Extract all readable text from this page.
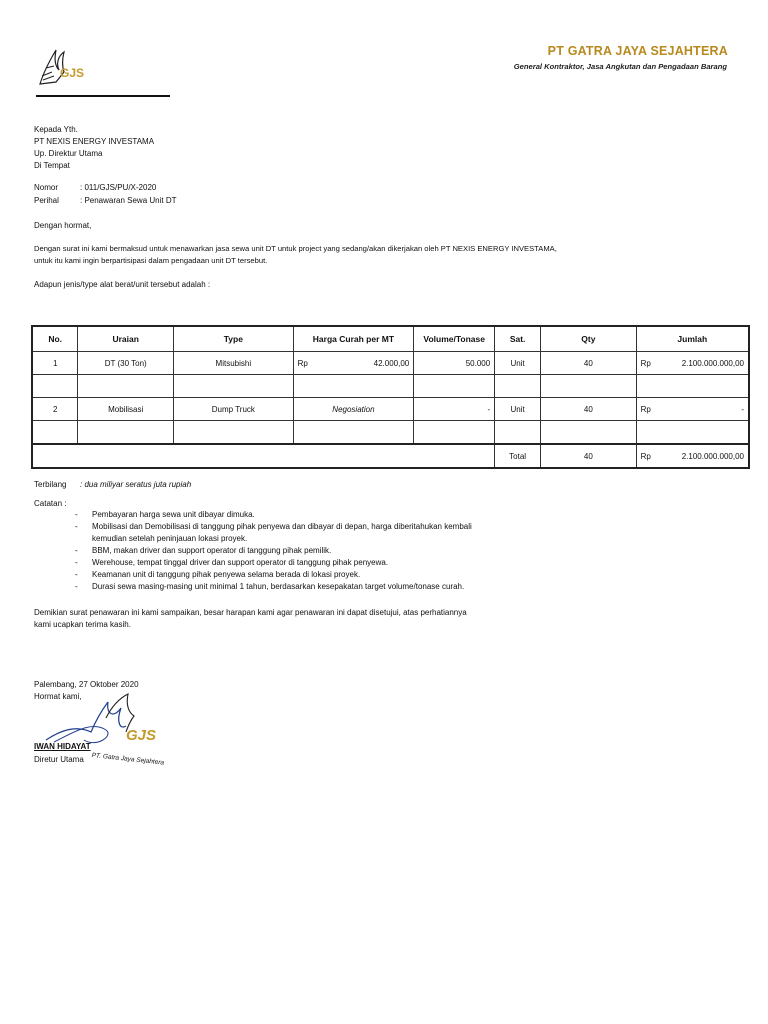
GJS
PT GATRA JAYA SEJAHTERA
General Kontraktor, Jasa Angkutan dan Pengadaan Barang
Kepada Yth.
PT NEXIS ENERGY INVESTAMA
Up. Direktur Utama
Di Tempat
Nomor	: 011/GJS/PU/X-2020
Perihal	: Penawaran Sewa Unit DT
Dengan hormat,
Dengan surat ini kami bermaksud untuk menawarkan jasa sewa unit DT untuk project yang sedang/akan dikerjakan oleh PT NEXIS ENERGY INVESTAMA,
untuk itu kami ingin berpartisipasi dalam pengadaan unit DT tersebut.
Adapun jenis/type alat berat/unit tersebut adalah :
No.	Uraian	Type	Harga Curah per MT	Volume/Tonase	Sat.	Qty	Jumlah
1	DT (30 Ton)	Mitsubishi	Rp 42.000,00	50.000	Unit	40	Rp 2.100.000.000,00

2	Mobilisasi	Dump Truck	Negosiation	-	Unit	40	Rp -

					Total	40	Rp 2.100.000.000,00
Terbilang : dua miliyar seratus juta rupiah
Catatan :
- Pembayaran harga sewa unit dibayar dimuka.
- Mobilisasi dan Demobilisasi di tanggung pihak penyewa dan dibayar di depan, harga diberitahukan kembali
kemudian setelah peninjauan lokasi proyek.
- BBM, makan driver dan support operator di tanggung pihak pemilik.
- Werehouse, tempat tinggal driver dan support operator di tanggung pihak penyewa.
- Keamanan unit di tanggung pihak penyewa selama berada di lokasi proyek.
- Durasi sewa masing-masing unit minimal 1 tahun, berdasarkan kesepakatan target volume/tonase curah.
Demikian surat penawaran ini kami sampaikan, besar harapan kami agar penawaran ini dapat disetujui, atas perhatiannya
kami ucapkan terima kasih.
Palembang, 27 Oktober 2020
Hormat kami,
GJS
IWAN HIDAYAT
Diretur Utama PT. Gatra Jaya Sejahtera
